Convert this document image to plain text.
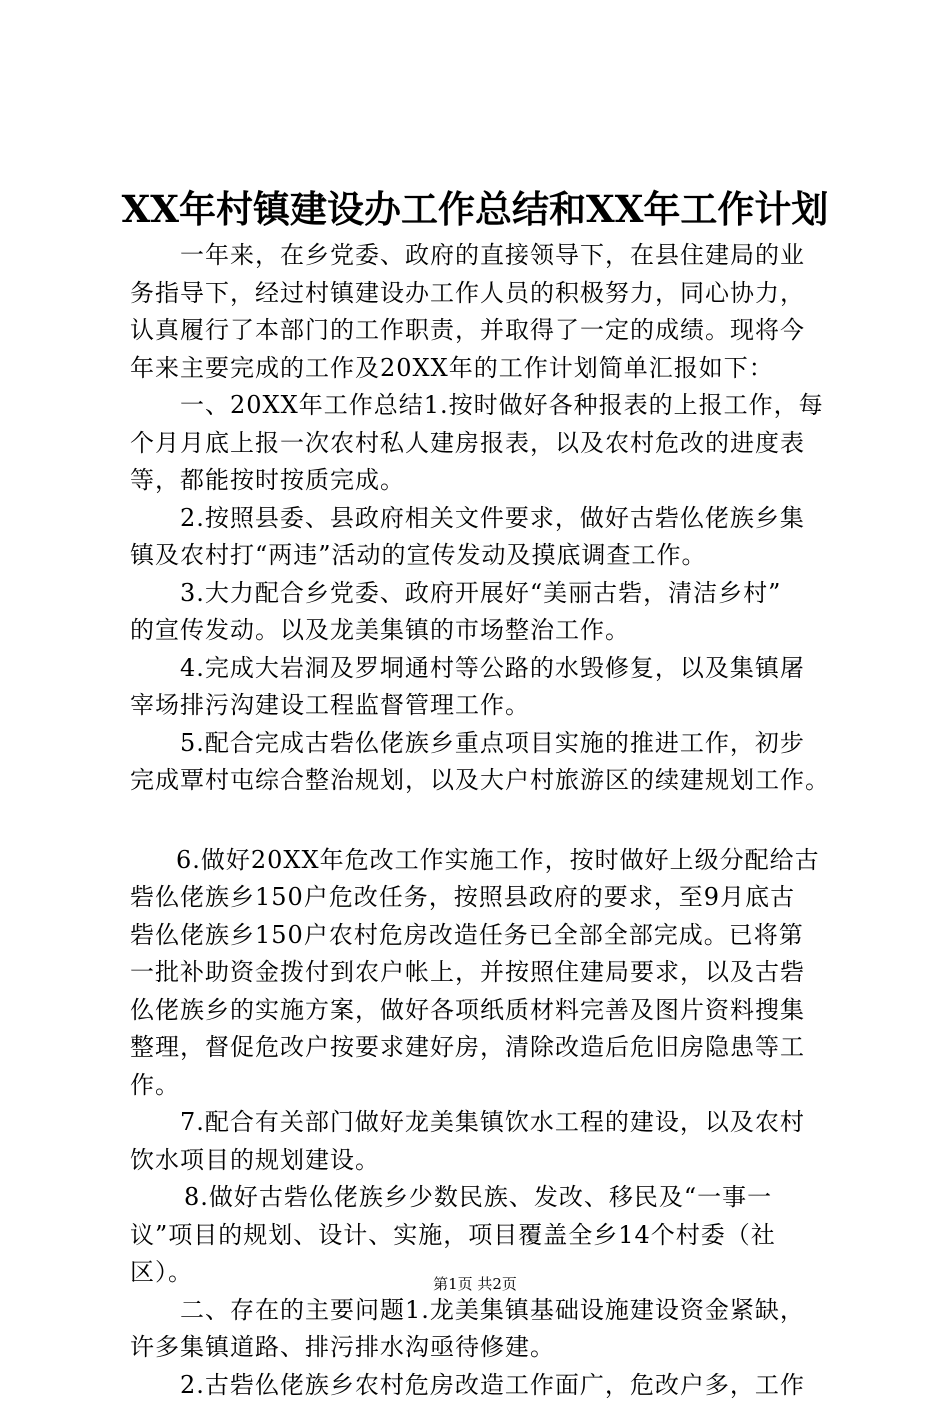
XX年村镇建设办工作总结和XX年工作计划
一年来，在乡党委、政府的直接领导下，在县住建局的业
务指导下，经过村镇建设办工作人员的积极努力，同心协力，
认真履行了本部门的工作职责，并取得了一定的成绩。现将今
年来主要完成的工作及20XX年的工作计划简单汇报如下：
一、20XX年工作总结1.按时做好各种报表的上报工作，每
个月月底上报一次农村私人建房报表，以及农村危改的进度表
等，都能按时按质完成。
2.按照县委、县政府相关文件要求，做好古砦仫佬族乡集
镇及农村打“两违”活动的宣传发动及摸底调查工作。
3.大力配合乡党委、政府开展好“美丽古砦，清洁乡村”
的宣传发动。以及龙美集镇的市场整治工作。
4.完成大岩洞及罗垌通村等公路的水毁修复，以及集镇屠
宰场排污沟建设工程监督管理工作。
5.配合完成古砦仫佬族乡重点项目实施的推进工作，初步
完成覃村屯综合整治规划，以及大户村旅游区的续建规划工作。
6.做好20XX年危改工作实施工作，按时做好上级分配给古
砦仫佬族乡150户危改任务，按照县政府的要求，至9月底古
砦仫佬族乡150户农村危房改造任务已全部全部完成。已将第
一批补助资金拨付到农户帐上，并按照住建局要求，以及古砦
仫佬族乡的实施方案，做好各项纸质材料完善及图片资料搜集
整理，督促危改户按要求建好房，清除改造后危旧房隐患等工
作。
7.配合有关部门做好龙美集镇饮水工程的建设，以及农村
饮水项目的规划建设。
8.做好古砦仫佬族乡少数民族、发改、移民及“一事一
议”项目的规划、设计、实施，项目覆盖全乡14个村委（社
区）。
二、存在的主要问题1.龙美集镇基础设施建设资金紧缺，
许多集镇道路、排污排水沟亟待修建。
2.古砦仫佬族乡农村危房改造工作面广，危改户多，工作
第1页 共2页
